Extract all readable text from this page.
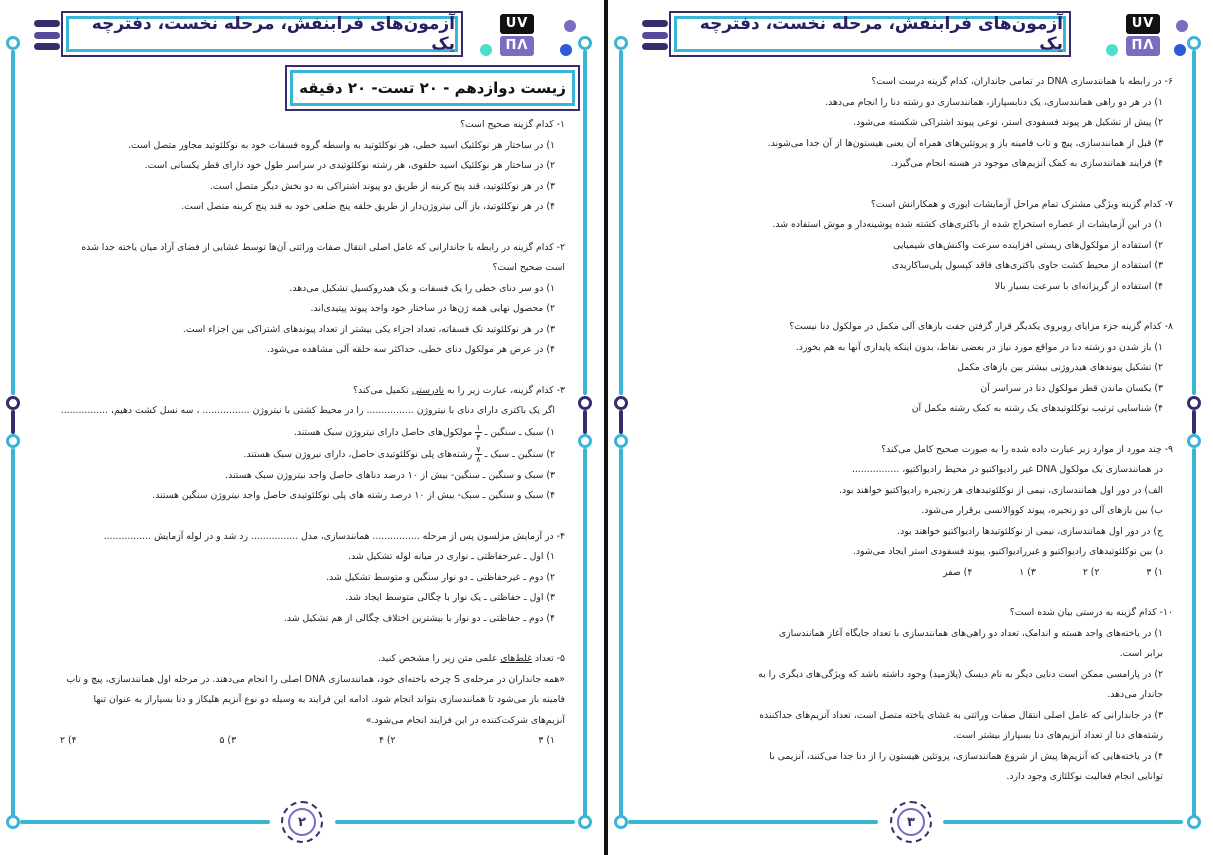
آزمون‌های فرابنفش، مرحله نخست، دفترچه یک
UV
ПΛ
زیست دوازدهم - ۲۰ تست- ۲۰ دقیقه
۱- کدام گزینه صحیح است؟
۱) در ساختار هر نوکلئیک اسید خطی، هر نوکلئوتید به واسطه گروه فسفات خود به نوکلئوتید مجاور متصل است.
۲) در ساختار هر نوکلئیک اسید حلقوی، هر رشته نوکلئوتیدی در سراسر طول خود دارای قطر یکسانی است.
۳) در هر نوکلئوتید، قند پنج کربنه از طریق دو پیوند اشتراکی به دو بخش دیگر متصل است.
۴) در هر نوکلئوتید، باز آلی نیتروژن‌دار از طریق حلقه پنج ضلعی خود به قند پنج کربنه متصل است.
۲- کدام گزینه در رابطه با جاندارانی که عامل اصلی انتقال صفات وراثتی آن‌ها توسط غشایی از فضای آزاد میان یاخته جدا شده است صحیح است؟
۱) دو سر دنای خطی را یک فسفات و یک هیدروکسیل تشکیل می‌دهد.
۲) محصول نهایی همه ژن‌ها در ساختار خود واجد پیوند پپتیدی‌اند.
۳) در هر نوکلئوتید تک فسفاته، تعداد اجزاء یکی بیشتر از تعداد پیوندهای اشتراکی بین اجزاء است.
۴) در عرض هر مولکول دنای خطی، حداکثر سه حلقه آلی مشاهده می‌شود.
۳- کدام گزینه، عبارت زیر را به نادرستی تکمیل می‌کند؟
اگر یک باکتری دارای دنای با نیتروژن ................ را در محیط کشتی با نیتروژن ................ ، سه نسل کشت دهیم، ................
۱) سبک ـ سنگین ـ
$\frac{۱}{۴}$
مولکول‌های حاصل دارای نیتروژن سبک هستند.
۲) سنگین ـ سبک ـ
$\frac{۷}{۸}$
رشته‌های پلی نوکلئوتیدی حاصل، دارای نیروژن سبک هستند.
۳) سبک و سنگین ـ سنگین- بیش از ۱۰ درصد دناهای حاصل واجد نیتروژن سبک هستند.
۴) سبک و سنگین ـ سبک- بیش از ۱۰ درصد رشته های پلی نوکلئوتیدی حاصل واجد نیتروژن سنگین هستند.
۴- در آزمایش مزلسون پس از مرحله ................ همانندسازی، مدل ................ رد شد و در لوله آزمایش ................
۱) اول ـ غیرحفاظتی ـ نواری در میانه لوله تشکیل شد.
۲) دوم ـ غیرحفاظتی ـ دو نوار سنگین و متوسط تشکیل شد.
۳) اول ـ حفاظتی ـ یک نوار با چگالی متوسط ایجاد شد.
۴) دوم ـ حفاظتی ـ دو نوار با بیشترین اختلاف چگالی از هم تشکیل شد.
۵- تعداد غلط‌های علمی متن زیر را مشخص کنید.
«همه جانداران در مرحله‌ی S چرخه یاخته‌ای خود، همانندسازی DNA اصلی را انجام می‌دهند. در مرحله اول همانندسازی، پیچ و تاب فامینه باز می‌شود تا همانندسازی بتواند انجام شود. ادامه این فرایند به وسیله دو نوع آنزیم هلیکاز و دنا بسپاراز به عنوان تنها آنزیم‌های شرکت‌کننده در این فرایند انجام می‌شود.»
۱) ۳
۲) ۴
۳) ۵
۴) ۲
۲
آزمون‌های فرابنفش، مرحله نخست، دفترچه یک
UV
ПΛ
۶- در رابطه با همانندسازی DNA در تمامی جانداران، کدام گزینه درست است؟
۱) در هر دو راهی همانندسازی، یک دنابسپاراز، همانندسازی دو رشته دنا را انجام می‌دهد.
۲) پیش از تشکیل هر پیوند فسفودی استر، نوعی پیوند اشتراکی شکسته می‌شود.
۳) قبل از همانندسازی، پیچ و تاب فامینه باز و پروتئین‌های همراه آن یعنی هیستون‌ها از آن جدا می‌شوند.
۴) فرایند همانندسازی به کمک آنزیم‌های موجود در هسته انجام می‌گیرد.
۷- کدام گزینه ویژگی مشترک تمام مراحل آزمایشات ایوری و همکارانش است؟
۱) در این آزمایشات از عصاره استخراج شده از باکتری‌های کشته شده پوشینه‌دار و موش استفاده شد.
۲) استفاده از مولکول‌های زیستی افزاینده سرعت واکنش‌های شیمیایی
۳) استفاده از محیط کشت حاوی باکتری‌های فاقد کپسول پلی‌ساکاریدی
۴) استفاده از گریزانه‌ای با سرعت بسیار بالا
۸- کدام گزینه جزء مزایای روبروی یکدیگر قرار گرفتن جفت بازهای آلی مکمل در مولکول دنا نیست؟
۱) باز شدن دو رشته دنا در مواقع مورد نیاز در بعضی نقاط، بدون اینکه پایداری آنها به هم بخورد.
۲) تشکیل پیوندهای هیدروژنی بیشتر بین بازهای مکمل
۳) یکسان ماندن قطر مولکول دنا در سراسر آن
۴) شناسایی ترتیب نوکلئوتیدهای یک رشته به کمک رشته مکمل آن
۹- چند مورد از موارد زیر عبارت داده شده را به صورت صحیح کامل می‌کند؟
در همانندسازی یک مولکول DNA غیر رادیواکتیو در محیط رادیواکتیو، ................
الف) در دور اول همانندسازی، نیمی از نوکلئوتیدهای هر زنجیره رادیواکتیو خواهند بود.
ب) بین بازهای آلی دو زنجیره، پیوند کووالانسی برقرار می‌شود.
ج) در دور اول همانندسازی، نیمی از نوکلئوتیدها رادیواکتیو خواهند بود.
د) بین نوکلئوتیدهای رادیواکتیو و غیررادیواکتیو، پیوند فسفودی استر ایجاد می‌شود.
۱) ۳
۲) ۲
۳) ۱
۴) صفر
۱۰- کدام گزینه به درستی بیان شده است؟
۱) در یاخته‌های واجد هسته و اندامک، تعداد دو راهی‌های همانندسازی با تعداد جایگاه آغاز همانندسازی برابر است.
۲) در پارامسی ممکن است دنایی دیگر به نام دیسک (پلازمید) وجود داشته باشد که ویژگی‌های دیگری را به جاندار می‌دهد.
۳) در جاندارانی که عامل اصلی انتقال صفات وراثتی به غشای یاخته متصل است، تعداد آنزیم‌های جداکننده رشته‌های دنا از تعداد آنزیم‌های دنا بسپاراز بیشتر است.
۴) در یاخته‌هایی که آنزیم‌ها پیش از شروع همانندسازی، پروتئین هیستون را از دنا جدا می‌کنند، آنزیمی با توانایی انجام فعالیت نوکلئازی وجود دارد.
۳
